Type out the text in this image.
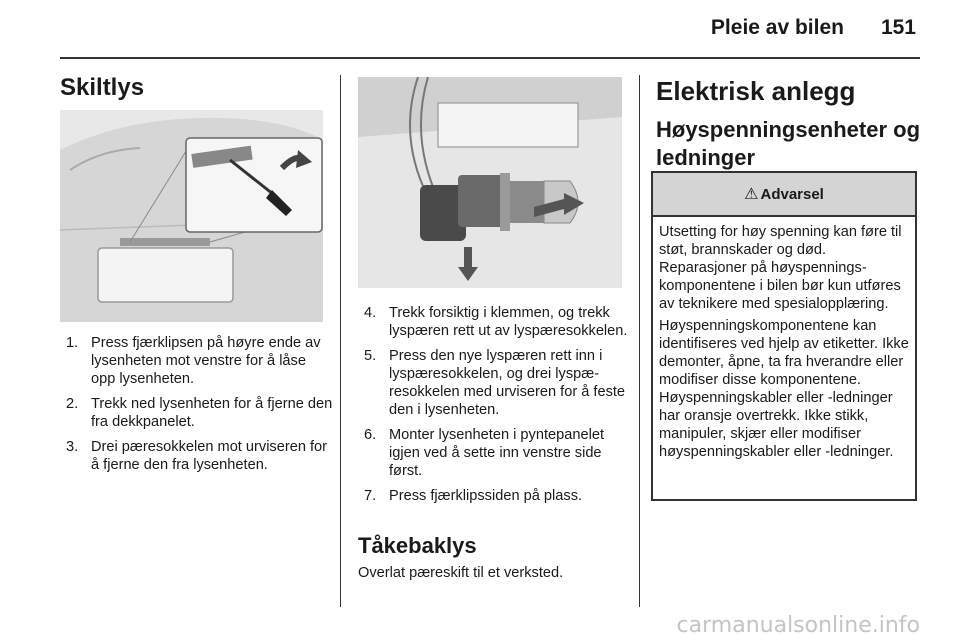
Pleie av bilen 151
Skiltlys
1. Press fjærklipsen på høyre ende av lysenheten mot venstre for å låse opp lysenheten.
2. Trekk ned lysenheten for å fjerne den fra dekkpanelet.
3. Drei pæresokkelen mot urviseren for å fjerne den fra lysenheten.
4. Trekk forsiktig i klemmen, og trekk lyspæren rett ut av lyspæresokkelen.
5. Press den nye lyspæren rett inn i lyspæresokkelen, og drei lyspæresokkelen med urviseren for å feste den i lysenheten.
6. Monter lysenheten i pyntepanelet igjen ved å sette inn venstre side først.
7. Press fjærklipssiden på plass.
Tåkebaklys

Overlat pæreskift til et verksted.

Elektrisk anlegg
Høyspenningsenheter og ledninger
⚠ Advarsel

Utsetting for høy spenning kan føre til støt, brannskader og død. Reparasjoner på høyspenningskomponentene i bilen bør kun utføres av teknikere med spesialopplæring.

Høyspenningskomponentene kan identifiseres ved hjelp av etiketter. Ikke demonter, åpne, ta fra hverandre eller modifiser disse komponentene. Høyspenningskabler eller -ledninger har oransje overtrekk. Ikke stikk, manipuler, skjær eller modifiser høyspenningskabler eller -ledninger.

carmanualsonline.info
